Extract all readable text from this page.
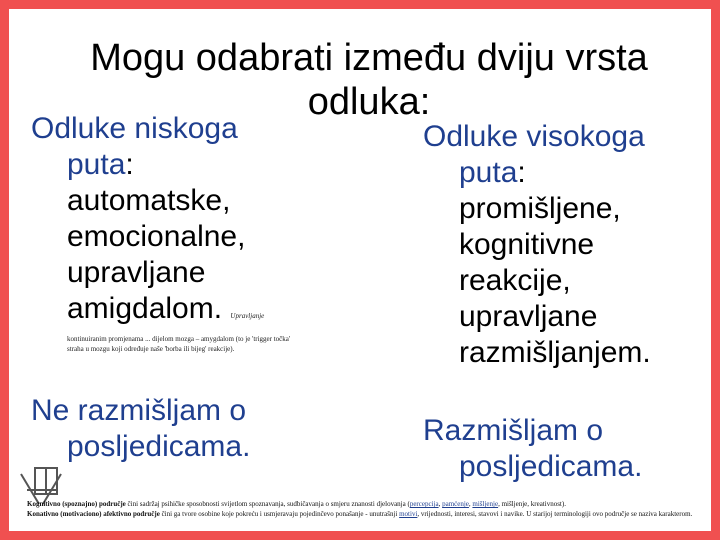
Mogu odabrati između dviju vrsta odluka:
Odluke niskoga
puta:
automatske,
emocionalne,
upravljane
amigdalom. Upravljanje
kontinuiranim promjenama ... dijelom mozga – amygdalom (to je 'trigger točka' straha u mozgu koji određuje naše 'borba ili bijeg' reakcije).
Ne razmišljam o
posljedicama.
Odluke visokoga
puta:
promišljene,
kognitivne
reakcije,
upravljane
razmišljanjem.
Razmišljam o
posljedicama.
Kognitivno (spoznajno) područje čini sadržaj psihičke sposobnosti svijetlom spoznavanja, sudbičavanja o smjeru znanosti djelovanja (percepcija, pamćenje, mišljenje, mišljenje, kreativnost).
Konativno (motivaciono) afektivno područje čini ga tvore osobine koje pokreću i usmjeravaju pojedinčevo ponašanje - unutrašnji motivi, vrijednosti, interesi, stavovi i navike. U starijoj terminologiji ovo područje se naziva karakterom.
